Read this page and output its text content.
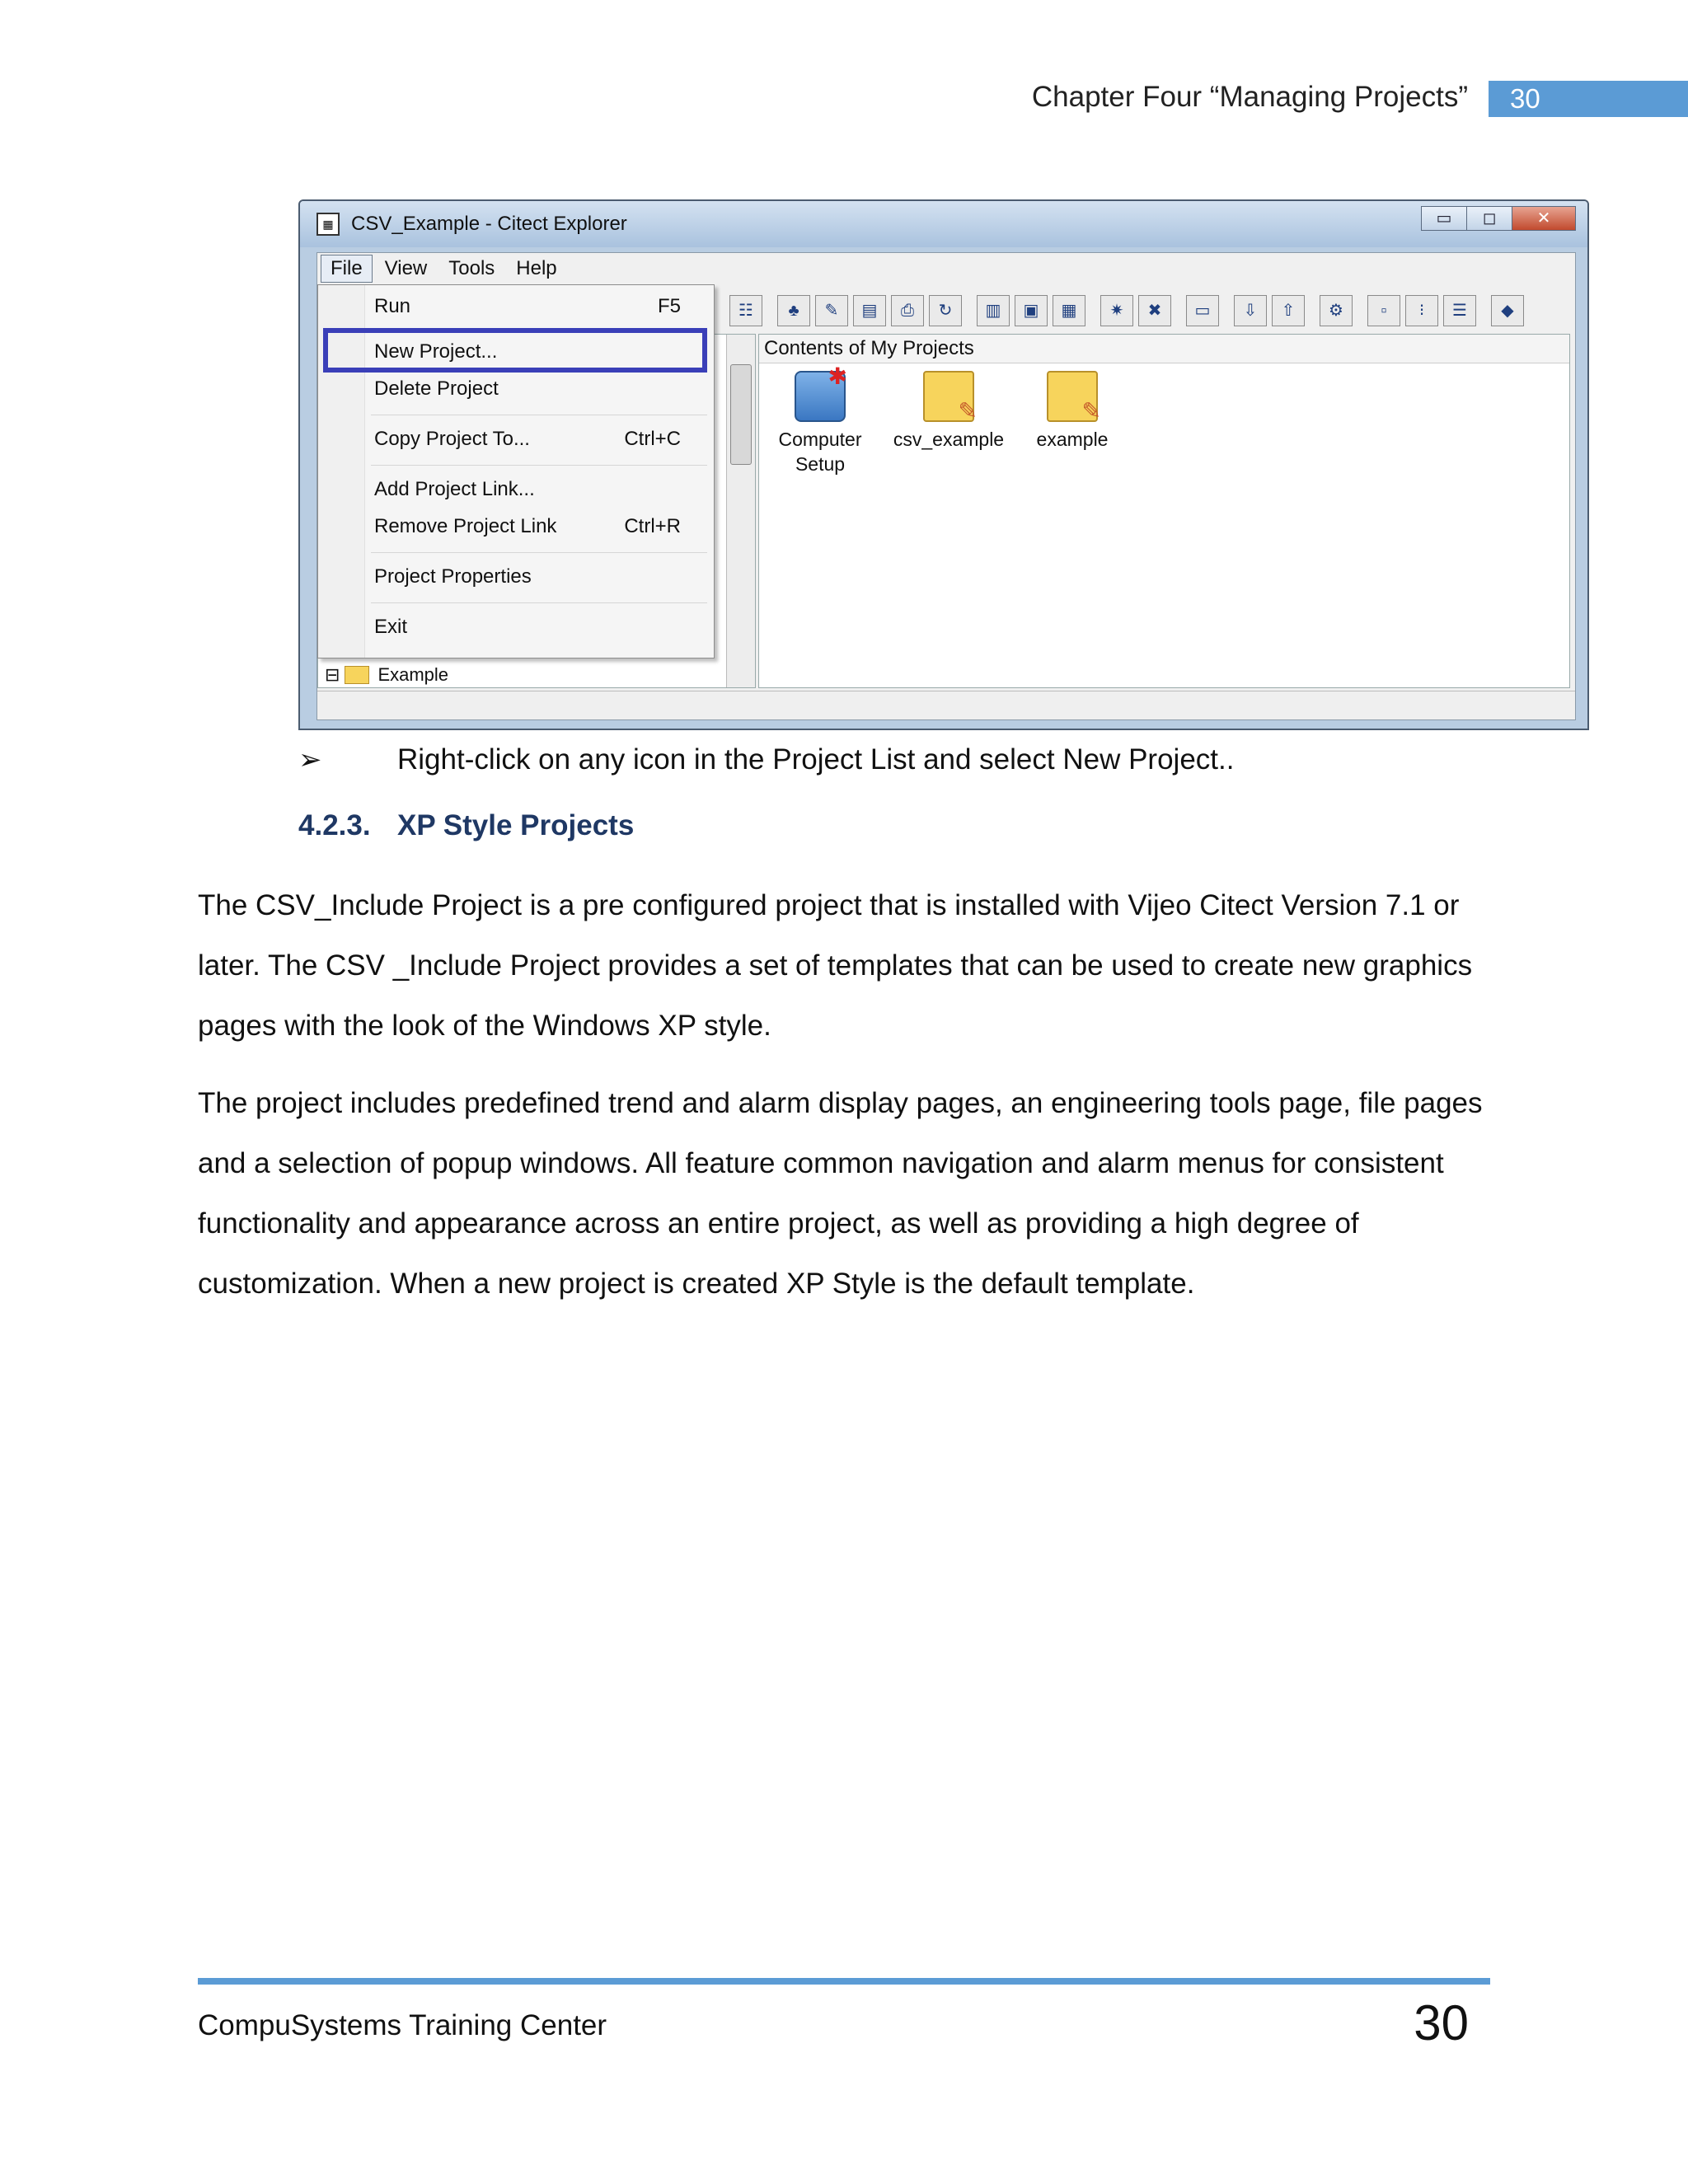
Chapter Four “Managing Projects”	30
▦ CSV_Example - Citect Explorer	▭	◻	✕
File	View	Tools	Help
☷	♣	✎	▤	⎙	↻	▥	▣	▦	✷	✖	▭	⇩	⇧	⚙	▫	⁝	☰	◆
⊟ Example
Contents of My Projects
✱
Computer Setup
✎
csv_example
✎	example
Run	F5
New Project...
Delete Project
Copy Project To...	Ctrl+C
Add Project Link...
Remove Project Link	Ctrl+R
Project Properties
Exit
➢	Right-click on any icon in the Project List and select New Project..
4.2.3. XP Style Projects

The CSV_Include Project is a pre configured project that is installed with Vijeo Citect Version 7.1 or later. The CSV _Include Project provides a set of templates that can be used to create new graphics pages with the look of the Windows XP style.

The project includes predefined trend and alarm display pages, an engineering tools page, file pages and a selection of popup windows. All feature common navigation and alarm menus for consistent functionality and appearance across an entire project, as well as providing a high degree of customization. When a new project is created XP Style is the default template.

CompuSystems Training Center	30
